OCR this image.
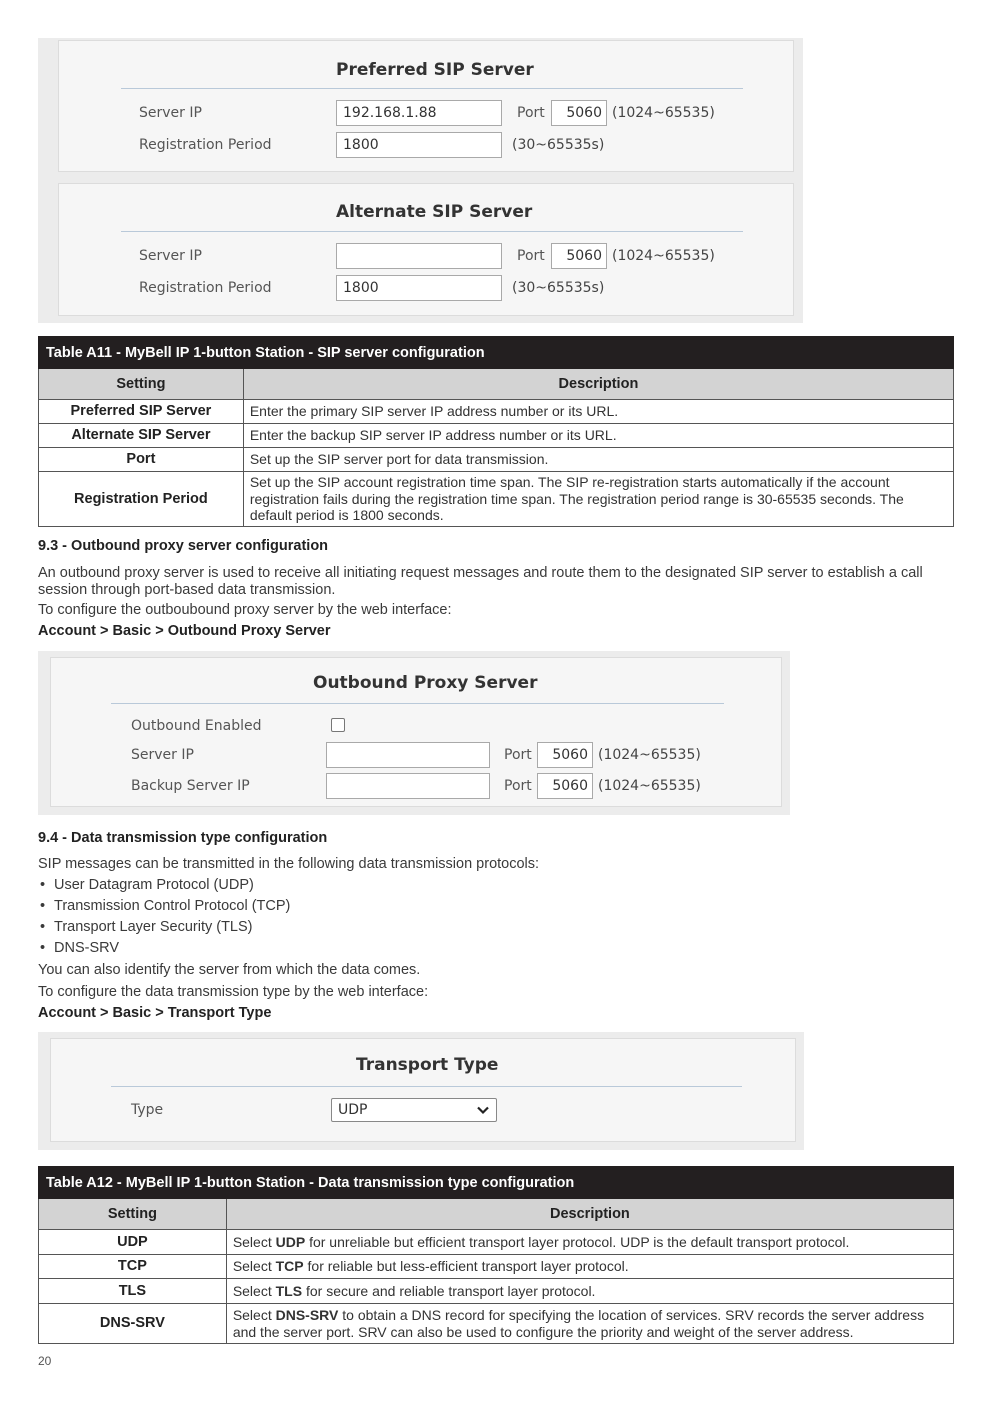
Preferred SIP Server
Server IP	192.168.1.88	Port	5060 (1024~65535)
Registration Period	1800	(30~65535s)
Alternate SIP Server
Server IP	Port	5060 (1024~65535)
Registration Period	1800	(30~65535s)
Table A11 - MyBell IP 1-button Station - SIP server configuration	
Setting	Description
Preferred SIP Server	Enter the primary SIP server IP address number or its URL.
Alternate SIP Server	Enter the backup SIP server IP address number or its URL.
Port	Set up the SIP server port for data transmission.
Registration Period	Set up the SIP account registration time span. The SIP re-registration starts automatically if the account registration fails during the registration time span. The registration period range is 30-65535 seconds. The default period is 1800 seconds.
9.3 - Outbound proxy server configuration
An outbound proxy server is used to receive all initiating request messages and route them to the designated SIP server to establish a call session through port-based data transmission.
To configure the outboubound proxy server by the web interface:
Account > Basic > Outbound Proxy Server
Outbound Proxy Server
Outbound Enabled
Server IP	Port	5060 (1024~65535)
Backup Server IP	Port	5060 (1024~65535)
9.4 - Data transmission type configuration
SIP messages can be transmitted in the following data transmission protocols:
• User Datagram Protocol (UDP)
• Transmission Control Protocol (TCP)
• Transport Layer Security (TLS)
• DNS-SRV
You can also identify the server from which the data comes.
To configure the data transmission type by the web interface:
Account > Basic > Transport Type
Transport Type
Type	UDP
Table A12 - MyBell IP 1-button Station - Data transmission type configuration	
Setting	Description
UDP	Select UDP for unreliable but efficient transport layer protocol. UDP is the default transport protocol.
TCP	Select TCP for reliable but less-efficient transport layer protocol.
TLS	Select TLS for secure and reliable transport layer protocol.
DNS-SRV	Select DNS-SRV to obtain a DNS record for specifying the location of services. SRV records the server address and the server port. SRV can also be used to configure the priority and weight of the server address.
20
